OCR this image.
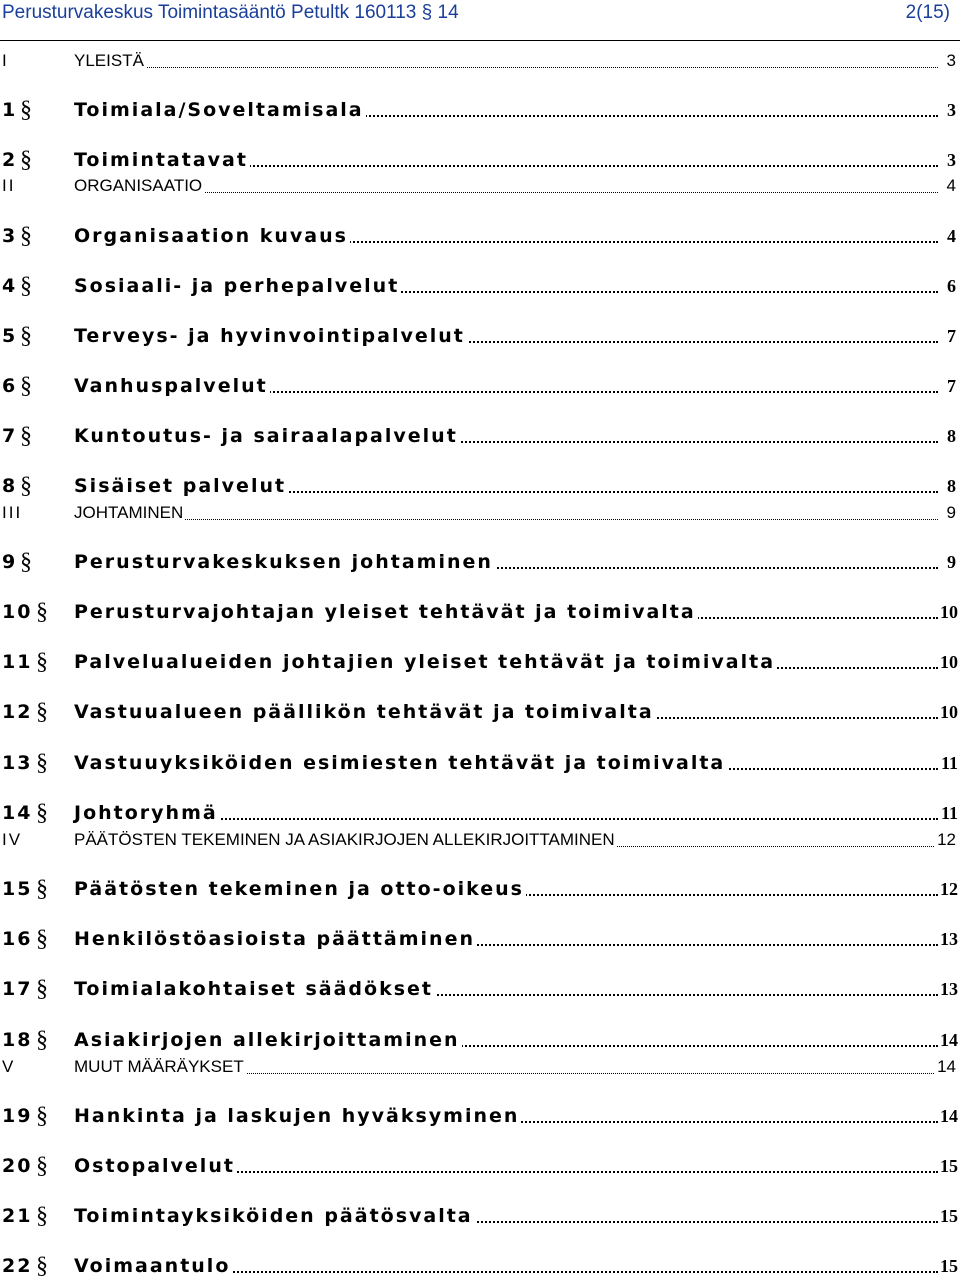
Perusturvakeskus Toimintasääntö Petultk 160113 § 14	2(15)
I	YLEISTÄ	3
1 § Toimiala/Soveltamisala	3
2 § Toimintatavat	3
II	ORGANISAATIO	4
3 § Organisaation kuvaus	4
4 § Sosiaali- ja perhepalvelut	6
5 § Terveys- ja hyvinvointipalvelut	7
6 § Vanhuspalvelut	7
7 § Kuntoutus- ja sairaalapalvelut	8
8 § Sisäiset palvelut	8
III	JOHTAMINEN	9
9 § Perusturvakeskuksen johtaminen	9
10 § Perusturvajohtajan yleiset tehtävät ja toimivalta	10
11 § Palvelualueiden johtajien yleiset tehtävät ja toimivalta	10
12 § Vastuualueen päällikön tehtävät ja toimivalta	10
13 § Vastuuyksiköiden esimiesten tehtävät ja toimivalta	11
14 § Johtoryhmä	11
IV	PÄÄTÖSTEN TEKEMINEN JA ASIAKIRJOJEN ALLEKIRJOITTAMINEN	12
15 § Päätösten tekeminen ja otto-oikeus	12
16 § Henkilöstöasioista päättäminen	13
17 § Toimialakohtaiset säädökset	13
18 § Asiakirjojen allekirjoittaminen	14
V	MUUT MÄÄRÄYKSET	14
19 § Hankinta ja laskujen hyväksyminen	14
20 § Ostopalvelut	15
21 § Toimintayksiköiden päätösvalta	15
22 § Voimaantulo	15
